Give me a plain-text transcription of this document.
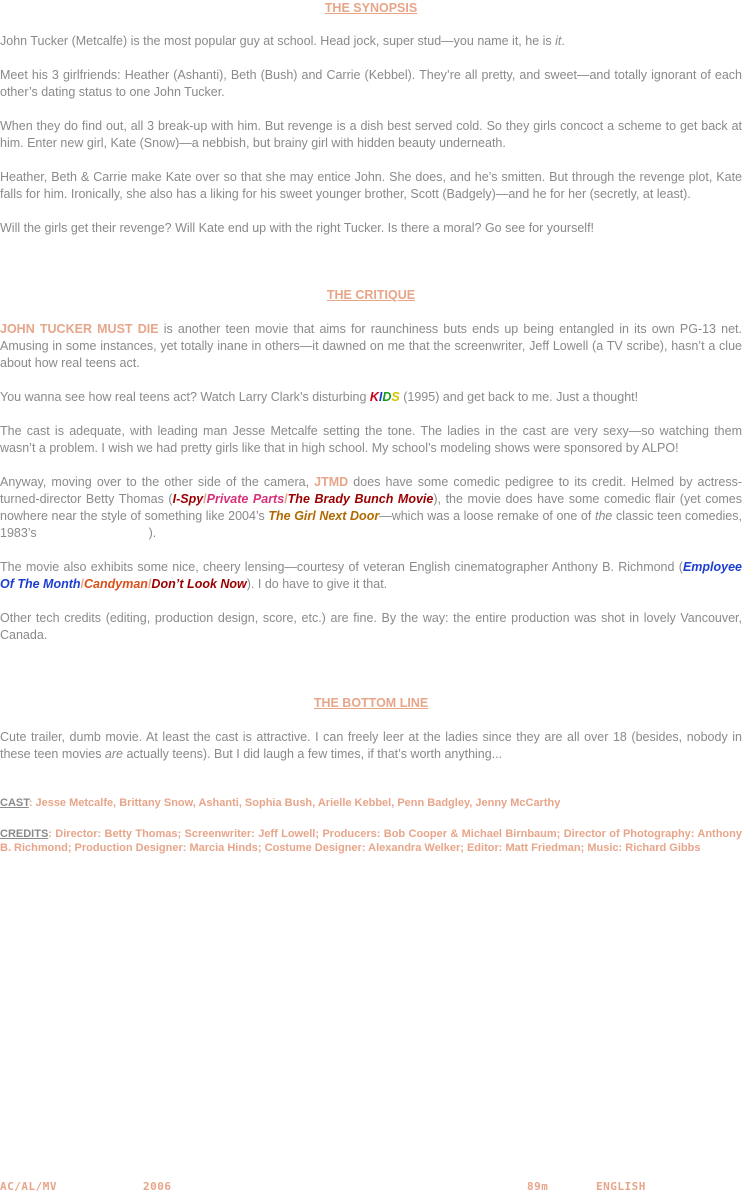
THE SYNOPSIS

John Tucker (Metcalfe) is the most popular guy at school. Head jock, super stud—you name it, he is it.

Meet his 3 girlfriends: Heather (Ashanti), Beth (Bush) and Carrie (Kebbel). They’re all pretty, and sweet—and totally ignorant of each other’s dating status to one John Tucker.

When they do find out, all 3 break-up with him. But revenge is a dish best served cold. So they girls concoct a scheme to get back at him. Enter new girl, Kate (Snow)—a nebbish, but brainy girl with hidden beauty underneath.

Heather, Beth & Carrie make Kate over so that she may entice John. She does, and he’s smitten. But through the revenge plot, Kate falls for him. Ironically, she also has a liking for his sweet younger brother, Scott (Badgely)—and he for her (secretly, at least).

Will the girls get their revenge? Will Kate end up with the right Tucker. Is there a moral? Go see for yourself!

THE CRITIQUE

JOHN TUCKER MUST DIE is another teen movie that aims for raunchiness buts ends up being entangled in its own PG-13 net. Amusing in some instances, yet totally inane in others—it dawned on me that the screenwriter, Jeff Lowell (a TV scribe), hasn’t a clue about how real teens act.

You wanna see how real teens act? Watch Larry Clark’s disturbing KIDS (1995) and get back to me. Just a thought!

The cast is adequate, with leading man Jesse Metcalfe setting the tone. The ladies in the cast are very sexy—so watching them wasn’t a problem. I wish we had pretty girls like that in high school. My school’s modeling shows were sponsored by ALPO!

Anyway, moving over to the other side of the camera, JTMD does have some comedic pedigree to its credit. Helmed by actress-turned-director Betty Thomas (I-Spy/Private Parts/The Brady Bunch Movie), the movie does have some comedic flair (yet comes nowhere near the style of something like 2004’s The Girl Next Door—which was a loose remake of one of the classic teen comedies, 1983’s	).

The movie also exhibits some nice, cheery lensing—courtesy of veteran English cinematographer Anthony B. Richmond (Employee Of The Month/Candyman/Don’t Look Now). I do have to give it that.

Other tech credits (editing, production design, score, etc.) are fine. By the way: the entire production was shot in lovely Vancouver, Canada.

THE BOTTOM LINE

Cute trailer, dumb movie. At least the cast is attractive. I can freely leer at the ladies since they are all over 18 (besides, nobody in these teen movies are actually teens). But I did laugh a few times, if that’s worth anything...

CAST: Jesse Metcalfe, Brittany Snow, Ashanti, Sophia Bush, Arielle Kebbel, Penn Badgley, Jenny McCarthy

CREDITS: Director: Betty Thomas; Screenwriter: Jeff Lowell; Producers: Bob Cooper & Michael Birnbaum; Director of Photography: Anthony B. Richmond; Production Designer: Marcia Hinds; Costume Designer: Alexandra Welker; Editor: Matt Friedman; Music: Richard Gibbs

AC/AL/MV	2006	89m	ENGLISH
